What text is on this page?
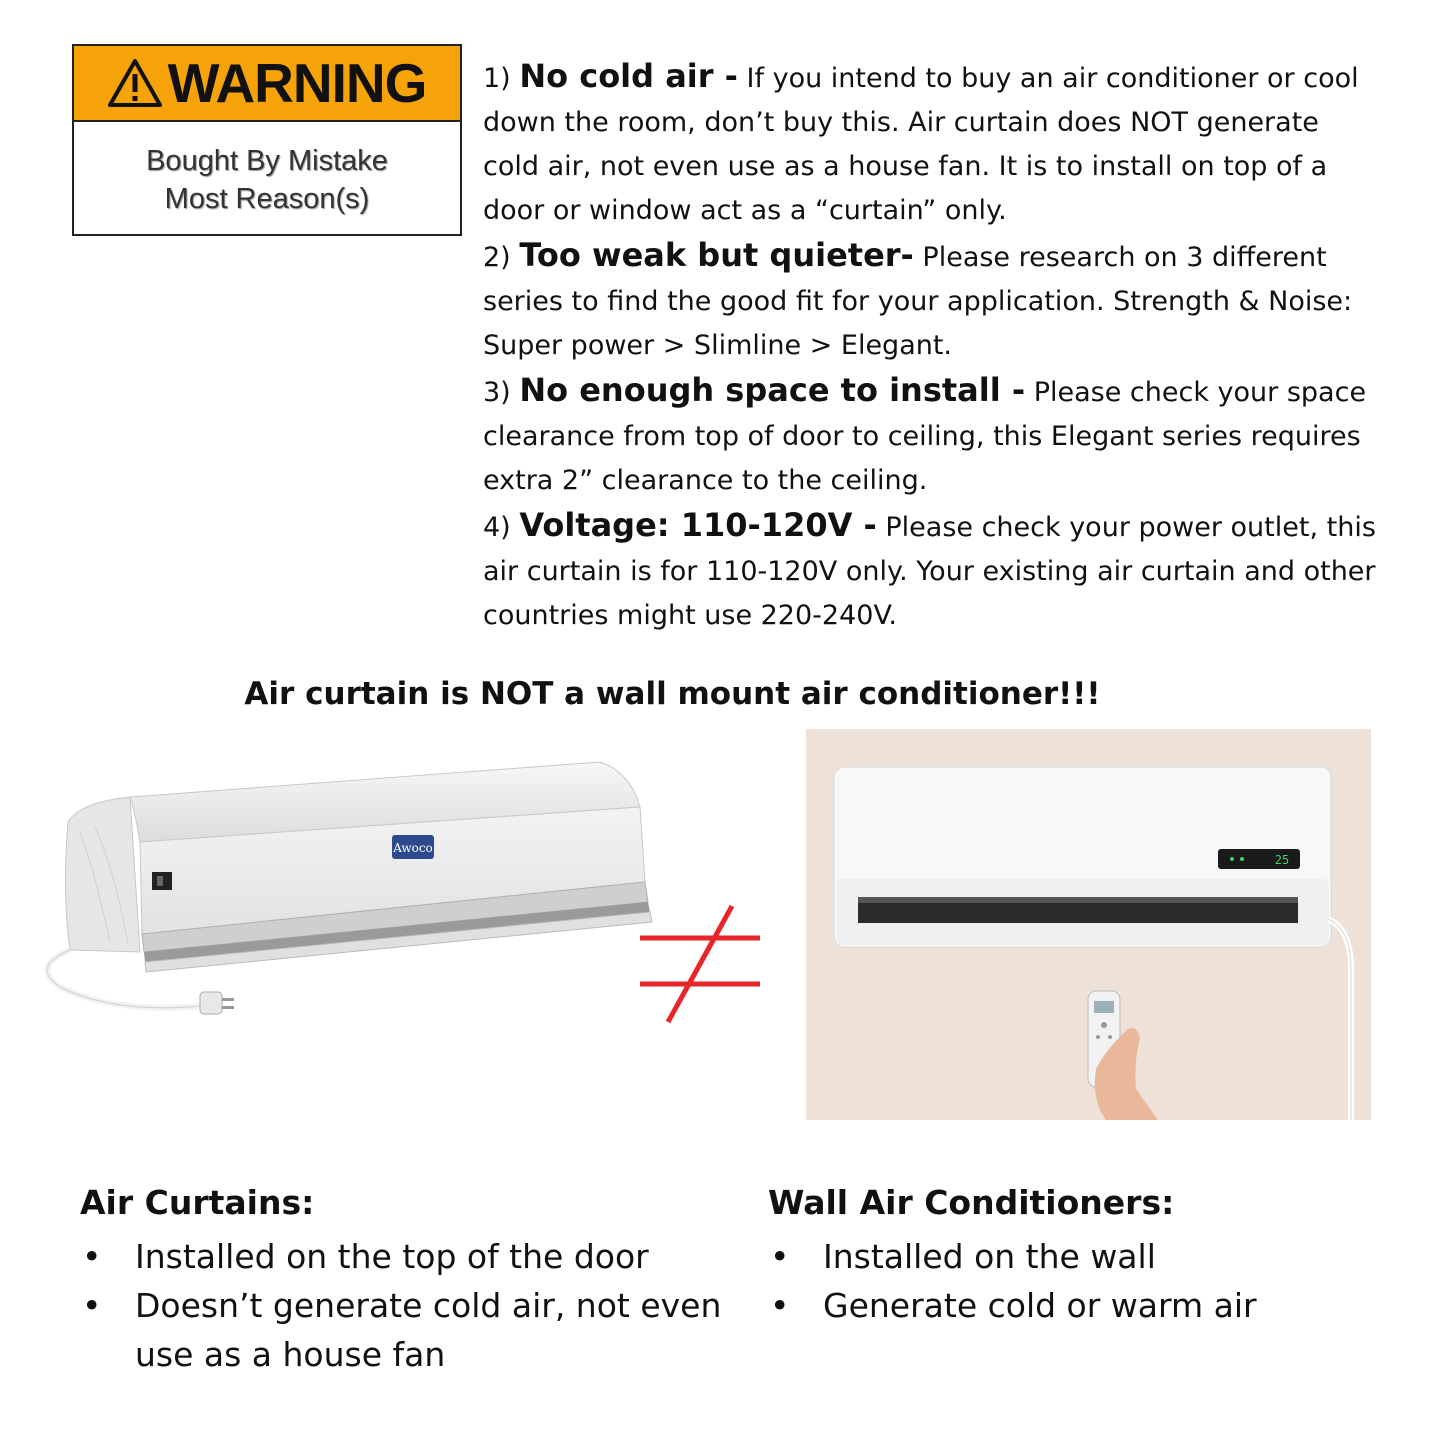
WARNING
Bought By Mistake
Most Reason(s)

1) No cold air - If you intend to buy an air conditioner or cool down the room, don’t buy this. Air curtain does NOT generate cold air, not even use as a house fan. It is to install on top of a door or window act as a “curtain” only.

2) Too weak but quieter- Please research on 3 different series to find the good fit for your application. Strength & Noise: Super power > Slimline > Elegant.

3) No enough space to install - Please check your space clearance from top of door to ceiling, this Elegant series requires extra 2” clearance to the ceiling.

4) Voltage: 110-120V - Please check your power outlet, this air curtain is for 110-120V only. Your existing air curtain and other countries might use 220-240V.

Air curtain is NOT a wall mount air conditioner!!!
Awoco
25
Air Curtains:
• Installed on the top of the door
• Doesn’t generate cold air, not even use as a house fan
Wall Air Conditioners:
• Installed on the wall
• Generate cold or warm air
